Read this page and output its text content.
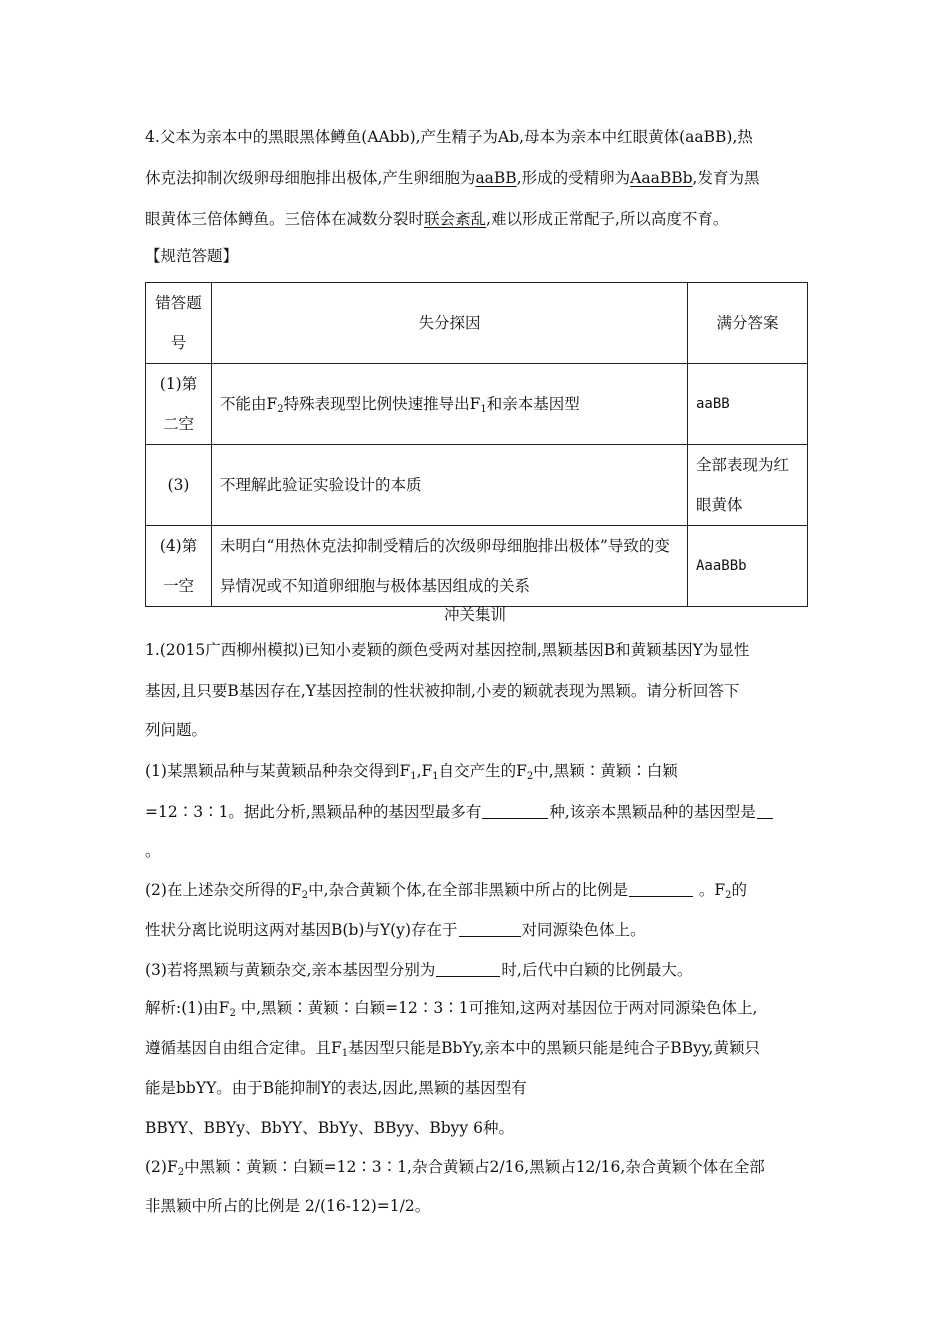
4.父本为亲本中的黑眼黑体鳟鱼(AAbb),产生精子为Ab,母本为亲本中红眼黄体(aaBB),热
休克法抑制次级卵母细胞排出极体,产生卵细胞为aaBB,形成的受精卵为AaaBBb,发育为黑
眼黄体三倍体鳟鱼。三倍体在减数分裂时联会紊乱,难以形成正常配子,所以高度不育。
【规范答题】
错答题号	失分探因	满分答案
(1)第二空	不能由$F_2$特殊表现型比例快速推导出$F_1$和亲本基因型	aaBB
(3)	不理解此验证实验设计的本质	全部表现为红眼黄体
(4)第一空	未明白“用热休克法抑制受精后的次级卵母细胞排出极体”导致的变异情况或不知道卵细胞与极体基因组成的关系	AaaBBb
冲关集训
1.(2015广西柳州模拟)已知小麦颖的颜色受两对基因控制,黑颖基因B和黄颖基因Y为显性
基因,且只要B基因存在,Y基因控制的性状被抑制,小麦的颖就表现为黑颖。请分析回答下
列问题。
(1)某黑颖品种与某黄颖品种杂交得到$F_1,F_1$自交产生的$F_2$中,黑颖∶黄颖∶白颖
=12∶3∶1。据此分析,黑颖品种的基因型最多有	种,该亲本黑颖品种的基因型是
。
(2)在上述杂交所得的$F_2$中,杂合黄颖个体,在全部非黑颖中所占的比例是	。$F_2$的
性状分离比说明这两对基因B(b)与Y(y)存在于	对同源染色体上。
(3)若将黑颖与黄颖杂交,亲本基因型分别为	时,后代中白颖的比例最大。
解析:(1)由$F_2$ 中,黑颖∶黄颖∶白颖=12∶3∶1可推知,这两对基因位于两对同源染色体上,
遵循基因自由组合定律。且$F_1$基因型只能是BbYy,亲本中的黑颖只能是纯合子BByy,黄颖只
能是bbYY。由于B能抑制Y的表达,因此,黑颖的基因型有
BBYY、BBYy、BbYY、BbYy、BByy、Bbyy 6种。
$(2)F_2$中黑颖∶黄颖∶白颖=12∶3∶1,杂合黄颖占2/16,黑颖占12/16,杂合黄颖个体在全部
非黑颖中所占的比例是 2/(16-12)=1/2。
